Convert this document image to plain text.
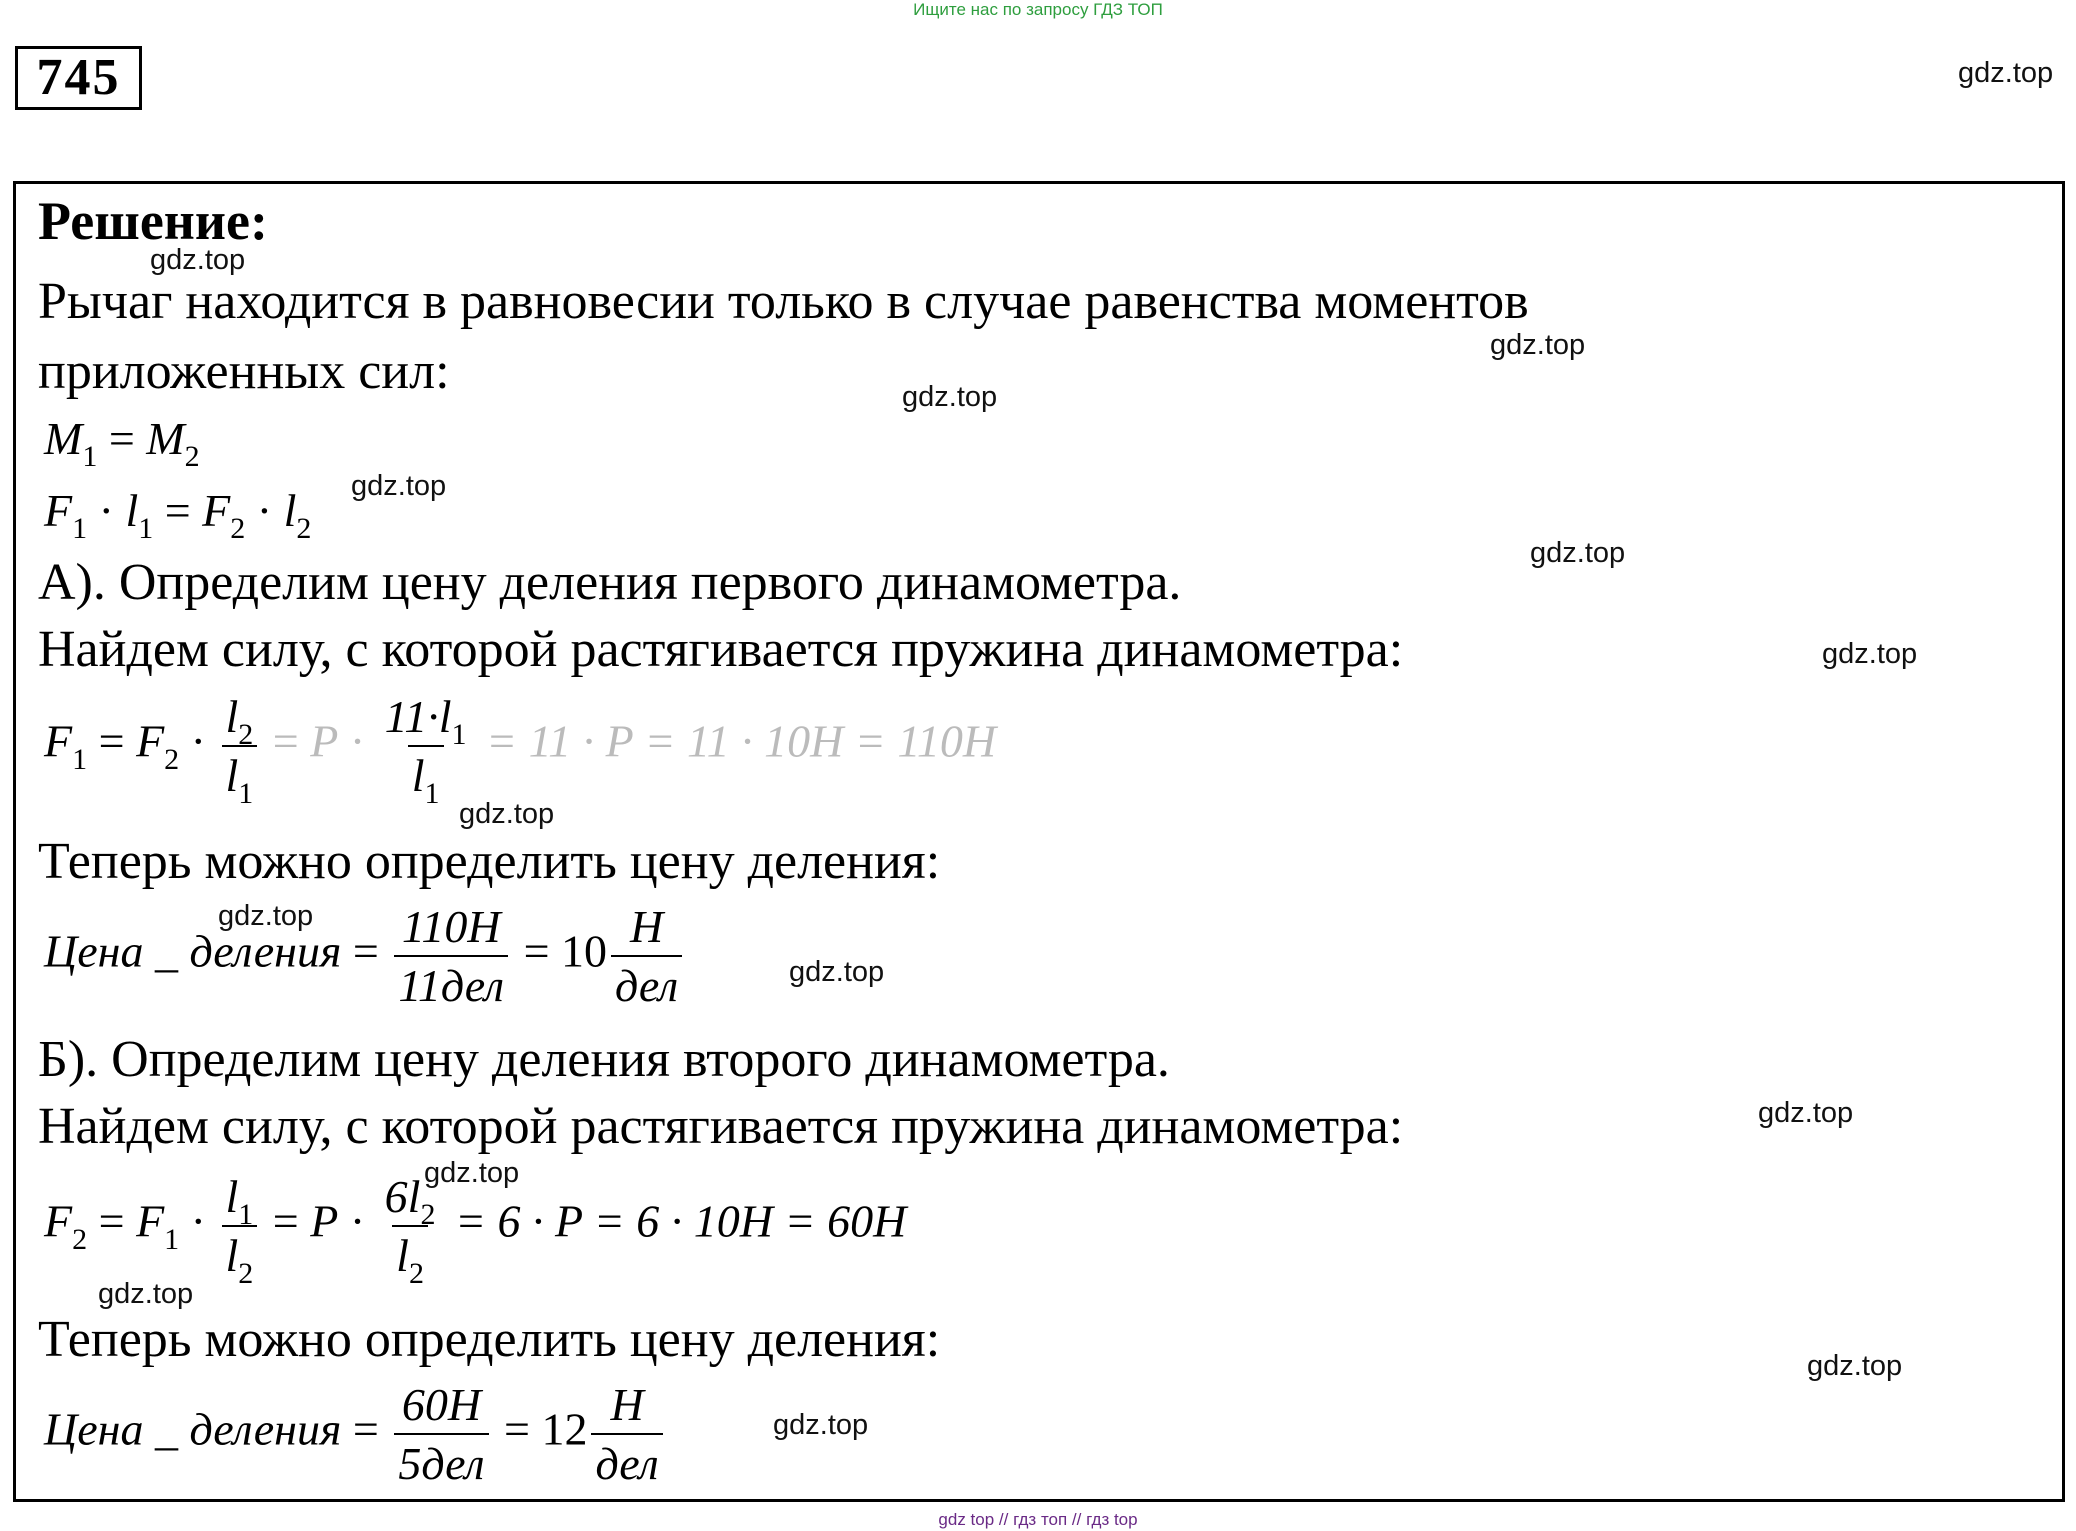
Ищите нас по запросу ГДЗ ТОП
745	gdz.top
Решение:
Рычаг находится в равновесии только в случае равенства моментов
приложенных сил:
$M_1 = M_2$
$F_1 \cdot l_1 = F_2 \cdot l_2$
А). Определим цену деления первого динамометра.
Найдем силу, с которой растягивается пружина динамометра:
$F_1 = F_2 \cdot \frac{l_2}{l_1} = P \cdot \frac{11\cdot l_1}{l_1} = 11 \cdot P = 11 \cdot 10H = 110H$
Теперь можно определить цену деления:
Цена _ деления = $\frac{110H}{\text{11дел}} = 10 \frac{H}{\text{дел}}$
Б). Определим цену деления второго динамометра.
Найдем силу, с которой растягивается пружина динамометра:
$F_2 = F_1 \cdot \frac{l_1}{l_2} = P \cdot \frac{6l_2}{l_2} = 6 \cdot P = 6 \cdot 10H = 60H$
Теперь можно определить цену деления:
Цена _ деления = $\frac{60H}{\text{5дел}} = 12 \frac{H}{\text{дел}}$
gdz.top
gdz.top
gdz.top
gdz.top
gdz.top
gdz.top
gdz.top
gdz.top
gdz.top
gdz.top
gdz.top
gdz.top
gdz.top
gdz.top
gdz top // гдз топ // гдз top
